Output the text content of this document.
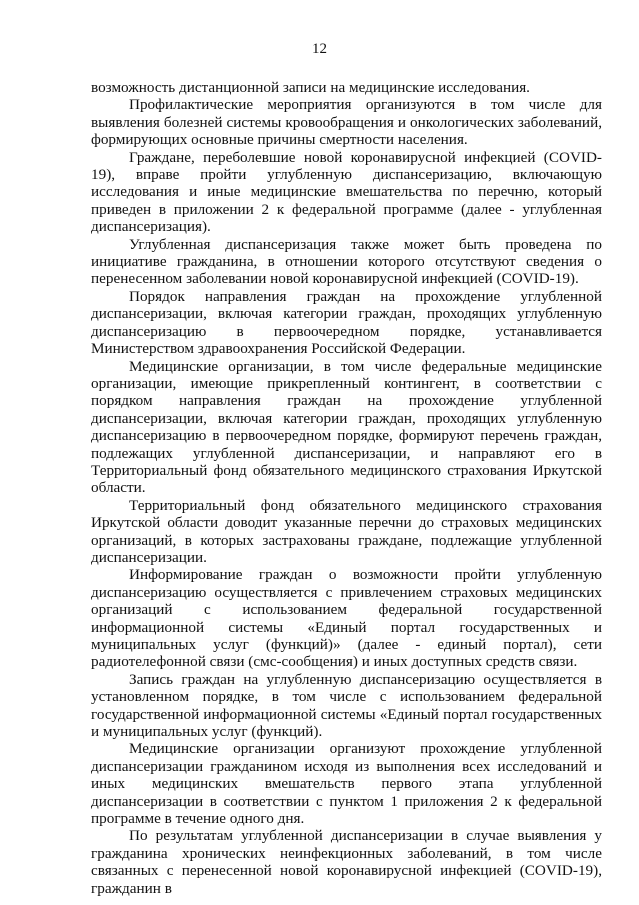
12

возможность дистанционной записи на медицинские исследования.

Профилактические мероприятия организуются в том числе для выявления болезней системы кровообращения и онкологических заболеваний, формирующих основные причины смертности населения.

Граждане, переболевшие новой коронавирусной инфекцией (COVID-19), вправе пройти углубленную диспансеризацию, включающую исследования и иные медицинские вмешательства по перечню, который приведен в приложении 2 к федеральной программе (далее - углубленная диспансеризация).

Углубленная диспансеризация также может быть проведена по инициативе гражданина, в отношении которого отсутствуют сведения о перенесенном заболевании новой коронавирусной инфекцией (COVID-19).

Порядок направления граждан на прохождение углубленной диспансеризации, включая категории граждан, проходящих углубленную диспансеризацию в первоочередном порядке, устанавливается Министерством здравоохранения Российской Федерации.

Медицинские организации, в том числе федеральные медицинские организации, имеющие прикрепленный контингент, в соответствии с порядком направления граждан на прохождение углубленной диспансеризации, включая категории граждан, проходящих углубленную диспансеризацию в первоочередном порядке, формируют перечень граждан, подлежащих углубленной диспансеризации, и направляют его в Территориальный фонд обязательного медицинского страхования Иркутской области.

Территориальный фонд обязательного медицинского страхования Иркутской области доводит указанные перечни до страховых медицинских организаций, в которых застрахованы граждане, подлежащие углубленной диспансеризации.

Информирование граждан о возможности пройти углубленную диспансеризацию осуществляется с привлечением страховых медицинских организаций с использованием федеральной государственной информационной системы «Единый портал государственных и муниципальных услуг (функций)» (далее - единый портал), сети радиотелефонной связи (смс-сообщения) и иных доступных средств связи.

Запись граждан на углубленную диспансеризацию осуществляется в установленном порядке, в том числе с использованием федеральной государственной информационной системы «Единый портал государственных и муниципальных услуг (функций).

Медицинские организации организуют прохождение углубленной диспансеризации гражданином исходя из выполнения всех исследований и иных медицинских вмешательств первого этапа углубленной диспансеризации в соответствии с пунктом 1 приложения 2 к федеральной программе в течение одного дня.

По результатам углубленной диспансеризации в случае выявления у гражданина хронических неинфекционных заболеваний, в том числе связанных с перенесенной новой коронавирусной инфекцией (COVID-19), гражданин в
